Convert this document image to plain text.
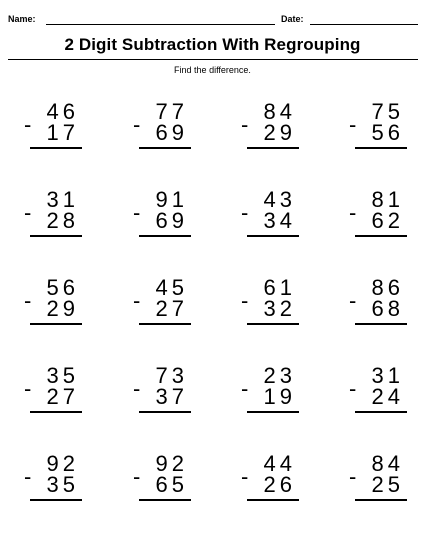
Name:	Date:
2 Digit Subtraction With Regrouping
Find the difference.
46
- 17
77
- 69
84
- 29
75
- 56
31
- 28
91
- 69
43
- 34
81
- 62
56
- 29
45
- 27
61
- 32
86
- 68
35
- 27
73
- 37
23
- 19
31
- 24
92
- 35
92
- 65
44
- 26
84
- 25
